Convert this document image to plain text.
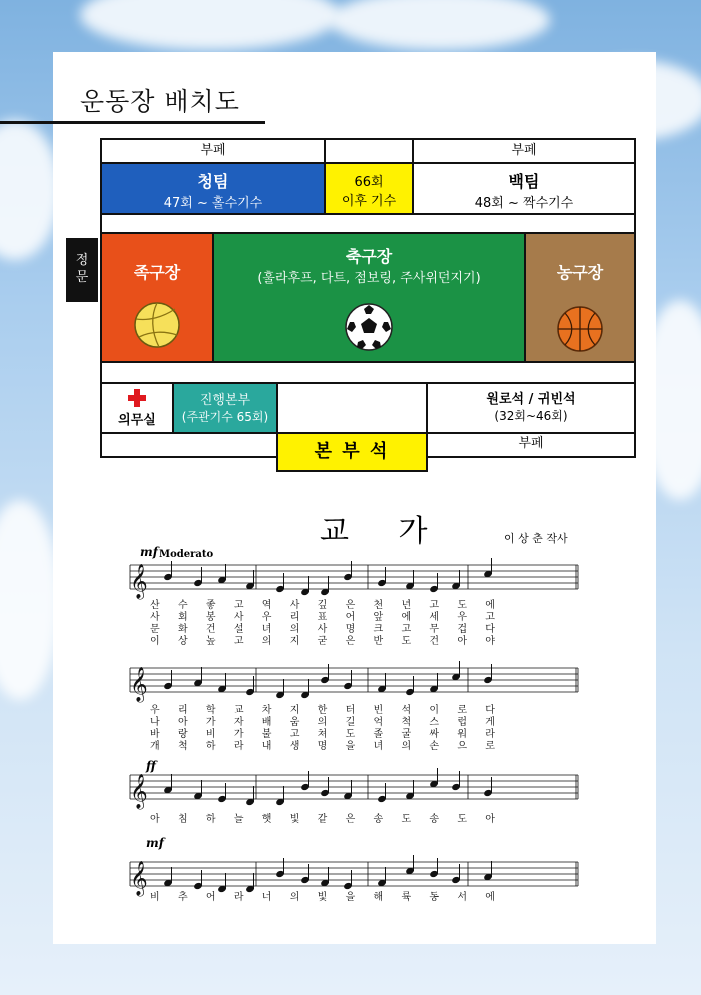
운동장 배치도
부페	부페
청팀
47회 ~ 홀수기수
66회
이후 기수
백팀
48회 ~ 짝수기수
정
문	족구장
축구장
(훌라후프, 다트, 점보링, 주사위던지기)	농구장
의무실
진행본부
(주관기수 65회)
원로석 / 귀빈석
(32회~46회)
부페
본 부 석
교 가	이 상 춘 작사
mf Moderato
ff
mf
𝄞
𝄞
𝄞
𝄞
산 수 좋 고 역 사 깊 은 천 년 고 도 에
사 회 봉 사 우 리 표 어 앞 에 세 우 고
문 화 건 설 녀 의 사 명 크 고 무 겁 다
이 상 높 고 의 지 굳 은 반 도 건 아 야
우 리 학 교 차 지 한 터 빈 석 이 로 다
나 아 가 자 배 움 의 길 억 척 스 럽 게
바 랑 비 가 불 고 쳐 도 졸 굴 싸 워 라
개 척 하 라 내 생 명 을 녀 의 손 으 로
아 침 하 늘 햇 빛 같 은 송 도 송 도 아
비 추 어 라 너 의 빛 을 해 륙 동 서 에
